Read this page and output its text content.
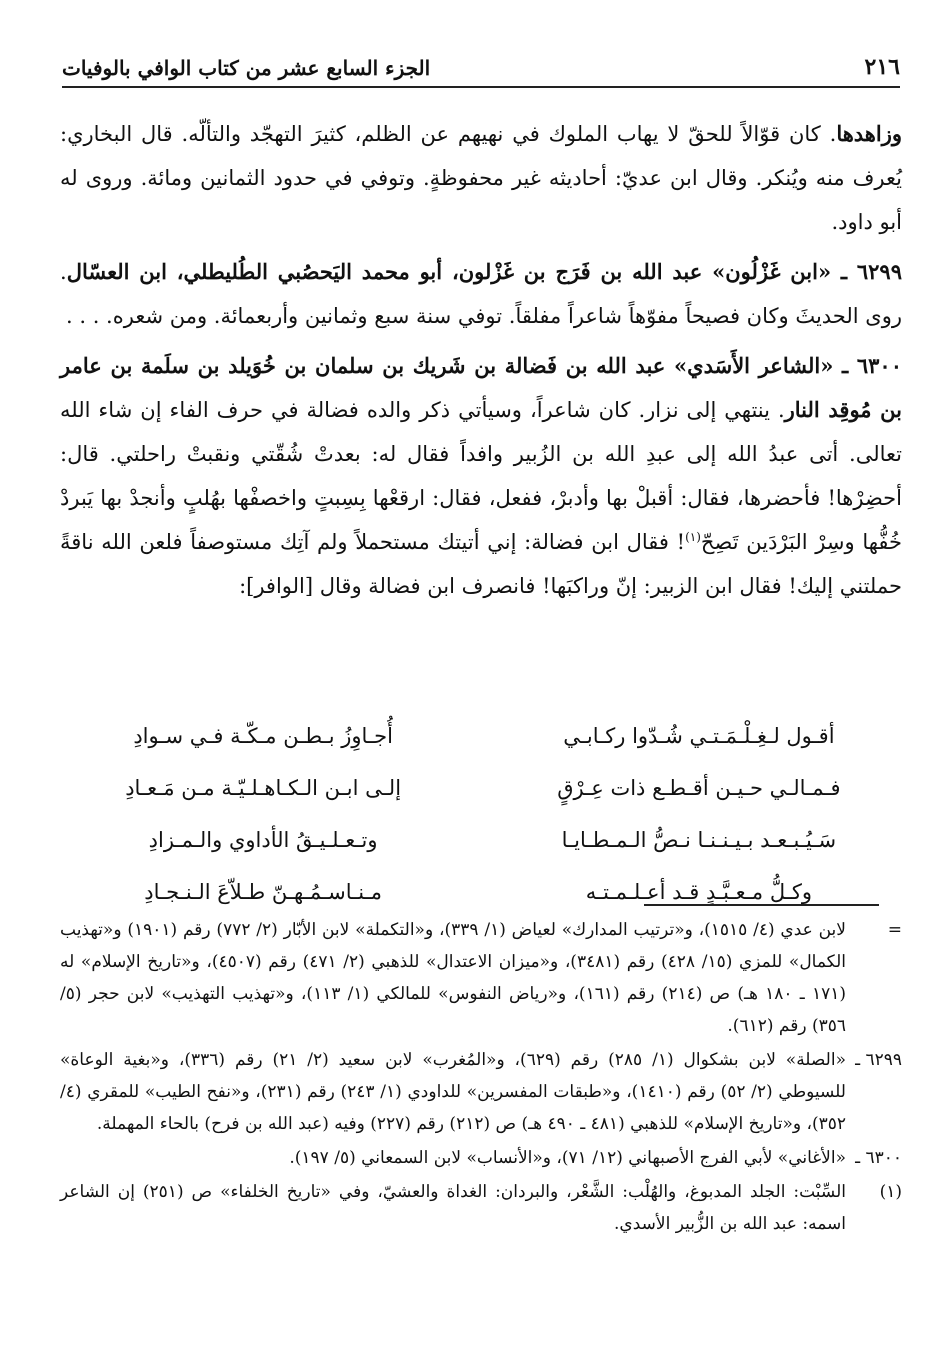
٢١٦
الجزء السابع عشر من كتاب الوافي بالوفيات

وزاهدها. كان قوّالاً للحقّ لا يهاب الملوك في نهيهم عن الظلم، كثيرَ التهجّد والتألّه. قال البخاري: يُعرف منه ويُنكر. وقال ابن عديّ: أحاديثه غير محفوظةٍ. وتوفي في حدود الثمانين ومائة. وروى له أبو داود.

٦٢٩٩ ـ «ابن غَزْلُون» عبد الله بن فَرَج بن غَزْلون، أبو محمد اليَحصُبي الطُليطلي، ابن العسّال. روى الحديثَ وكان فصيحاً مفوّهاً شاعراً مفلقاً. توفي سنة سبع وثمانين وأربعمائة. ومن شعره. . . .

٦٣٠٠ ـ «الشاعر الأَسَدي» عبد الله بن فَضالة بن شَريك بن سلمان بن خُوَيلد بن سلَمة بن عامر بن مُوقِد النار. ينتهي إلى نزار. كان شاعراً، وسيأتي ذكر والده فضالة في حرف الفاء إن شاء الله تعالى. أتى عبدُ الله إلى عبدِ الله بن الزُبير وافداً فقال له: بعدتْ شُقّتي ونقبتْ راحلتي. قال: أحضِرْها! فأحضرها، فقال: أقبلْ بها وأدبرْ، ففعل، فقال: ارقعْها بِسِبتٍ واخصفْها بهُلبٍ وأنجدْ بها يَبردْ خُفُّها وسِرْ البَرْدَين تَصِحّ$^{(١)}$! فقال ابن فضالة: إني أتيتك مستحملاً ولم آتِك مستوصفاً فلعن الله ناقةً حملتني إليك! فقال ابن الزبير: إنّ وراكبَها! فانصرف ابن فضالة وقال [الوافر]:

أقـول لـغِـلْـمَـتـي شُـدّوا ركـابـي
أُجـاوِزُ بـطـن مـكّـة فـي سـوادِ
فـمـالـي حـيـن أقـطـع ذات عِـرْقٍ
إلـى ابـن الـكـاهـلـيّـة مـن مَـعـادِ
سَـيُـبـعـد بـيـنـنـا نـصُّ الـمـطـايـا
وتـعـلـيـقُ الأداوي والـمـزادِ
وكـلُّ مـعـبَّـدٍ قـد أعـلـمـتـه
مـنـاسـمُـهـنّ طـلاّعَ الـنـجـادِ
=
لابن عدي (٤/ ١٥١٥)، و«ترتيب المدارك» لعياض (١/ ٣٣٩)، و«التكملة» لابن الأبّار (٢/ ٧٧٢) رقم (١٩٠١) و«تهذيب الكمال» للمزي (١٥/ ٤٢٨) رقم (٣٤٨١)، و«ميزان الاعتدال» للذهبي (٢/ ٤٧١) رقم (٤٥٠٧)، و«تاريخ الإسلام» له (١٧١ ـ ١٨٠ هـ) ص (٢١٤) رقم (١٦١)، و«رياض النفوس» للمالكي (١/ ١١٣)، و«تهذيب التهذيب» لابن حجر (٥/ ٣٥٦) رقم (٦١٢).
٦٢٩٩ ـ
«الصلة» لابن بشكوال (١/ ٢٨٥) رقم (٦٢٩)، و«المُغرب» لابن سعيد (٢/ ٢١) رقم (٣٣٦)، و«بغية الوعاة» للسيوطي (٢/ ٥٢) رقم (١٤١٠)، و«طبقات المفسرين» للداودي (١/ ٢٤٣) رقم (٢٣١)، و«نفح الطيب» للمقري (٤/ ٣٥٢)، و«تاريخ الإسلام» للذهبي (٤٨١ ـ ٤٩٠ هـ) ص (٢١٢) رقم (٢٢٧) وفيه (عبد الله بن فرح) بالحاء المهملة.
٦٣٠٠ ـ
«الأغاني» لأبي الفرج الأصبهاني (١٢/ ٧١)، و«الأنساب» لابن السمعاني (٥/ ١٩٧).
(١)
السِّبْت: الجلد المدبوغ، والهُلْب: الشَّعْر، والبردان: الغداة والعشيّ، وفي «تاريخ الخلفاء» ص (٢٥١) إن الشاعر اسمه: عبد الله بن الزُّبير الأسدي.
